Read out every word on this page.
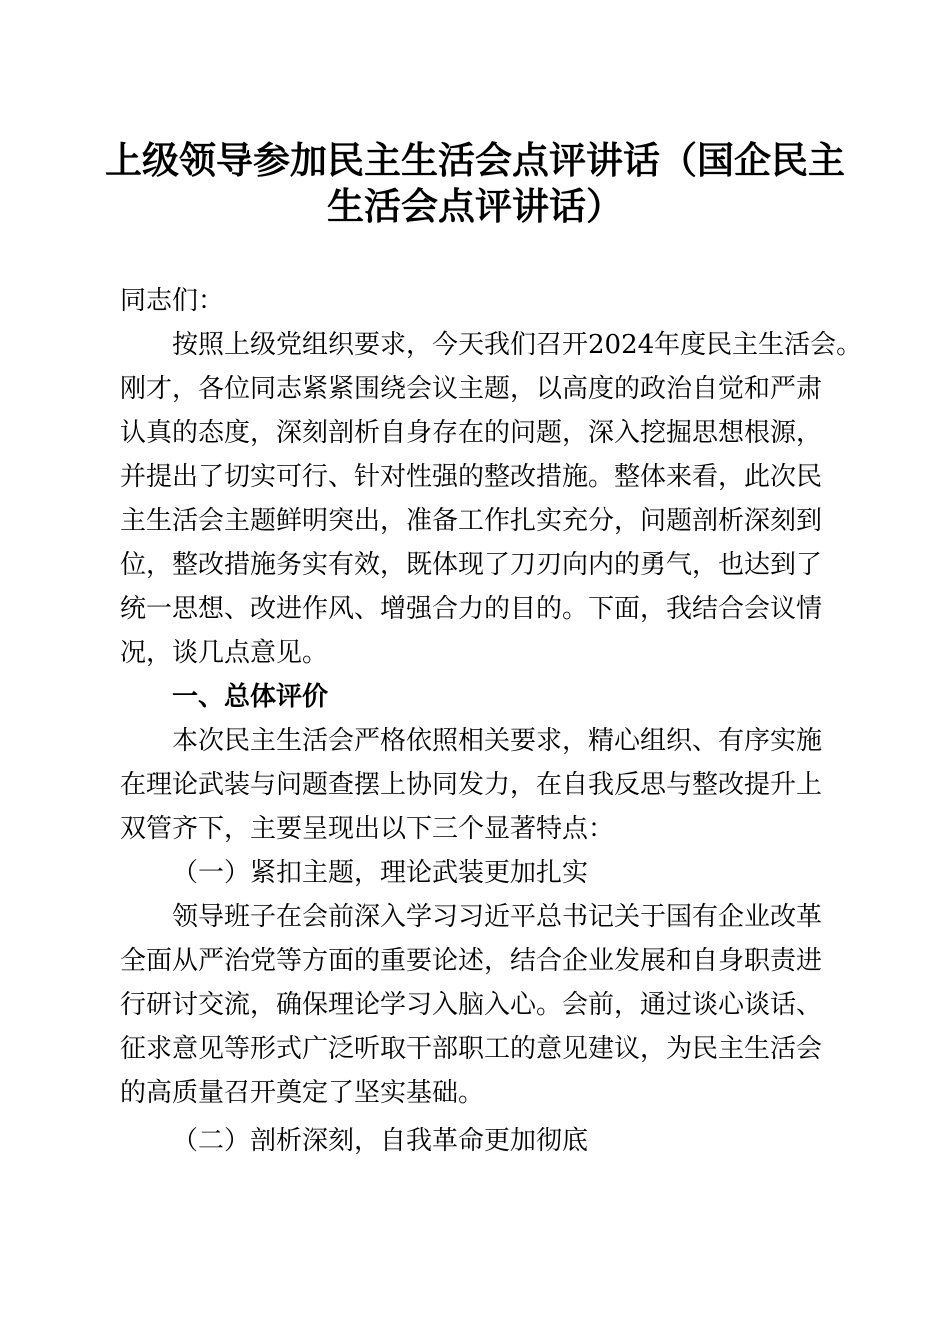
上级领导参加民主生活会点评讲话（国企民主
生活会点评讲话）

同志们：

按照上级党组织要求，今天我们召开2024年度民主生活会。

刚才，各位同志紧紧围绕会议主题，以高度的政治自觉和严肃

认真的态度，深刻剖析自身存在的问题，深入挖掘思想根源，

并提出了切实可行、针对性强的整改措施。整体来看，此次民

主生活会主题鲜明突出，准备工作扎实充分，问题剖析深刻到

位，整改措施务实有效，既体现了刀刃向内的勇气，也达到了

统一思想、改进作风、增强合力的目的。下面，我结合会议情

况，谈几点意见。

一、总体评价

本次民主生活会严格依照相关要求，精心组织、有序实施

在理论武装与问题查摆上协同发力，在自我反思与整改提升上

双管齐下，主要呈现出以下三个显著特点：

（一）紧扣主题，理论武装更加扎实

领导班子在会前深入学习习近平总书记关于国有企业改革

全面从严治党等方面的重要论述，结合企业发展和自身职责进

行研讨交流，确保理论学习入脑入心。会前，通过谈心谈话、

征求意见等形式广泛听取干部职工的意见建议，为民主生活会

的高质量召开奠定了坚实基础。

（二）剖析深刻，自我革命更加彻底
